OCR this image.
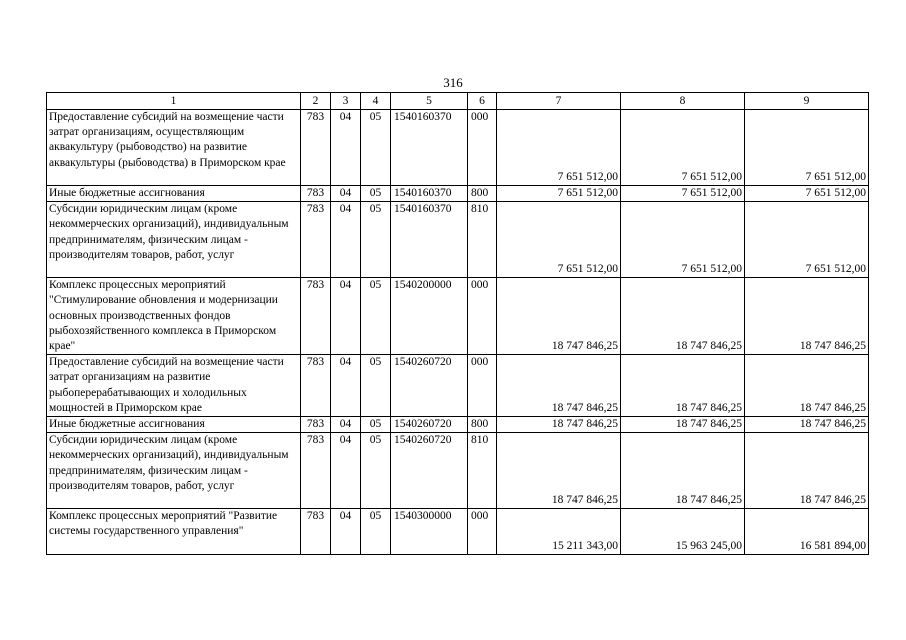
316
1	2	3	4	5	6	7	8	9
Предоставление субсидий на возмещение части затрат организациям, осуществляющим аквакультуру (рыбоводство) на развитие аквакультуры (рыбоводства) в Приморском крае	783	04	05	1540160370	000	7 651 512,00	7 651 512,00	7 651 512,00
Иные бюджетные ассигнования	783	04	05	1540160370	800	7 651 512,00	7 651 512,00	7 651 512,00
Субсидии юридическим лицам (кроме некоммерческих организаций), индивидуальным предпринимателям, физическим лицам - производителям товаров, работ, услуг	783	04	05	1540160370	810	7 651 512,00	7 651 512,00	7 651 512,00
Комплекс процессных мероприятий "Стимулирование обновления и модернизации основных производственных фондов рыбохозяйственного комплекса в Приморском крае"	783	04	05	1540200000	000	18 747 846,25	18 747 846,25	18 747 846,25
Предоставление субсидий на возмещение части затрат организациям на развитие рыбоперерабатывающих и холодильных мощностей в Приморском крае	783	04	05	1540260720	000	18 747 846,25	18 747 846,25	18 747 846,25
Иные бюджетные ассигнования	783	04	05	1540260720	800	18 747 846,25	18 747 846,25	18 747 846,25
Субсидии юридическим лицам (кроме некоммерческих организаций), индивидуальным предпринимателям, физическим лицам - производителям товаров, работ, услуг	783	04	05	1540260720	810	18 747 846,25	18 747 846,25	18 747 846,25
Комплекс процессных мероприятий "Развитие системы государственного управления"	783	04	05	1540300000	000	15 211 343,00	15 963 245,00	16 581 894,00
